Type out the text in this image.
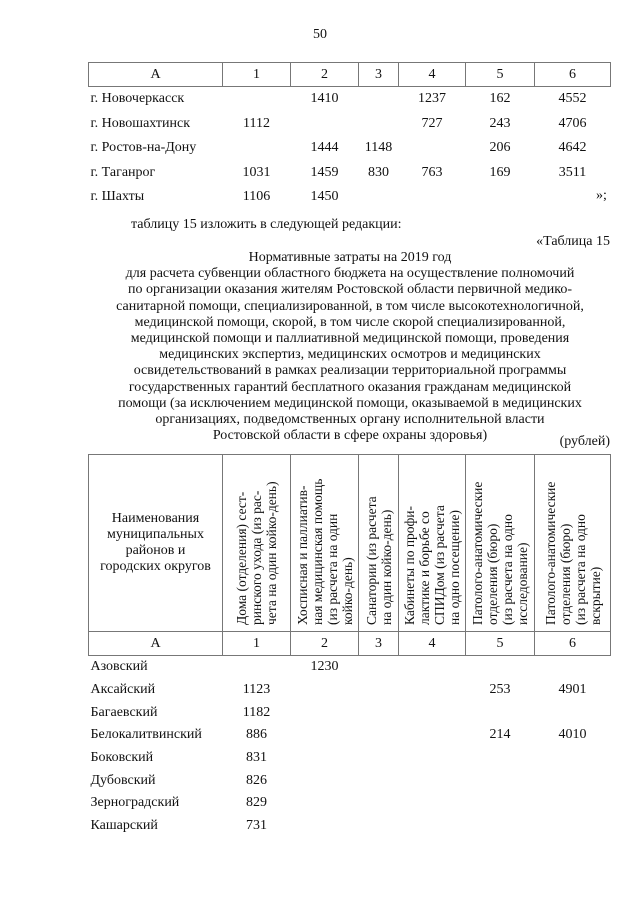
50
А	1	2	3	4	5	6
г. Новочеркасск		1410		1237	162	4552
г. Новошахтинск	1112			727	243	4706
г. Ростов-на-Дону		1444	1148		206	4642
г. Таганрог	1031	1459	830	763	169	3511
г. Шахты	1106	1450					»;
таблицу 15 изложить в следующей редакции:
«Таблица 15
Нормативные затраты на 2019 год
для расчета субвенции областного бюджета на осуществлениe полномочий
по организации оказания жителям Ростовской области первичной медико-
санитарной помощи, специализированной, в том числе высокотехнологичной,
медицинской помощи, скорой, в том числе скорой специализированной,
медицинской помощи и паллиативной медицинской помощи, проведения
медицинских экспертиз, медицинских осмотров и медицинских
освидетельствований в рамках реализации территориальной программы
государственных гарантий бесплатного оказания гражданам медицинской
помощи (за исключением медицинской помощи, оказываемой в медицинских
организациях, подведомственных органу исполнительной власти
Ростовской области в сфере охраны здоровья)	(рублей)
Наименования
муниципальных
районов и
городских округов	Дома (отделения) сест-
ринского ухода (из рас-
чета на один койко-день)	Хосписная и паллиатив-
ная медицинская помощь
(из расчета на один
койко-день)	Санатории (из расчета
на один койко-день)	Кабинеты по профи-
лактике и борьбе со
СПИДом (из расчета
на одно посещение)	Патолого-анатомические
отделения (бюро)
(из расчета на одно
исследование)	Патолого-анатомические
отделения (бюро)
(из расчета на одно
вскрытие)
А	1	2	3	4	5	6
Азовский		1230				
Аксайский	1123				253	4901
Багаевский	1182					
Белокалитвинский	886				214	4010
Боковский	831					
Дубовский	826					
Зерноградский	829					
Кашарский	731					
